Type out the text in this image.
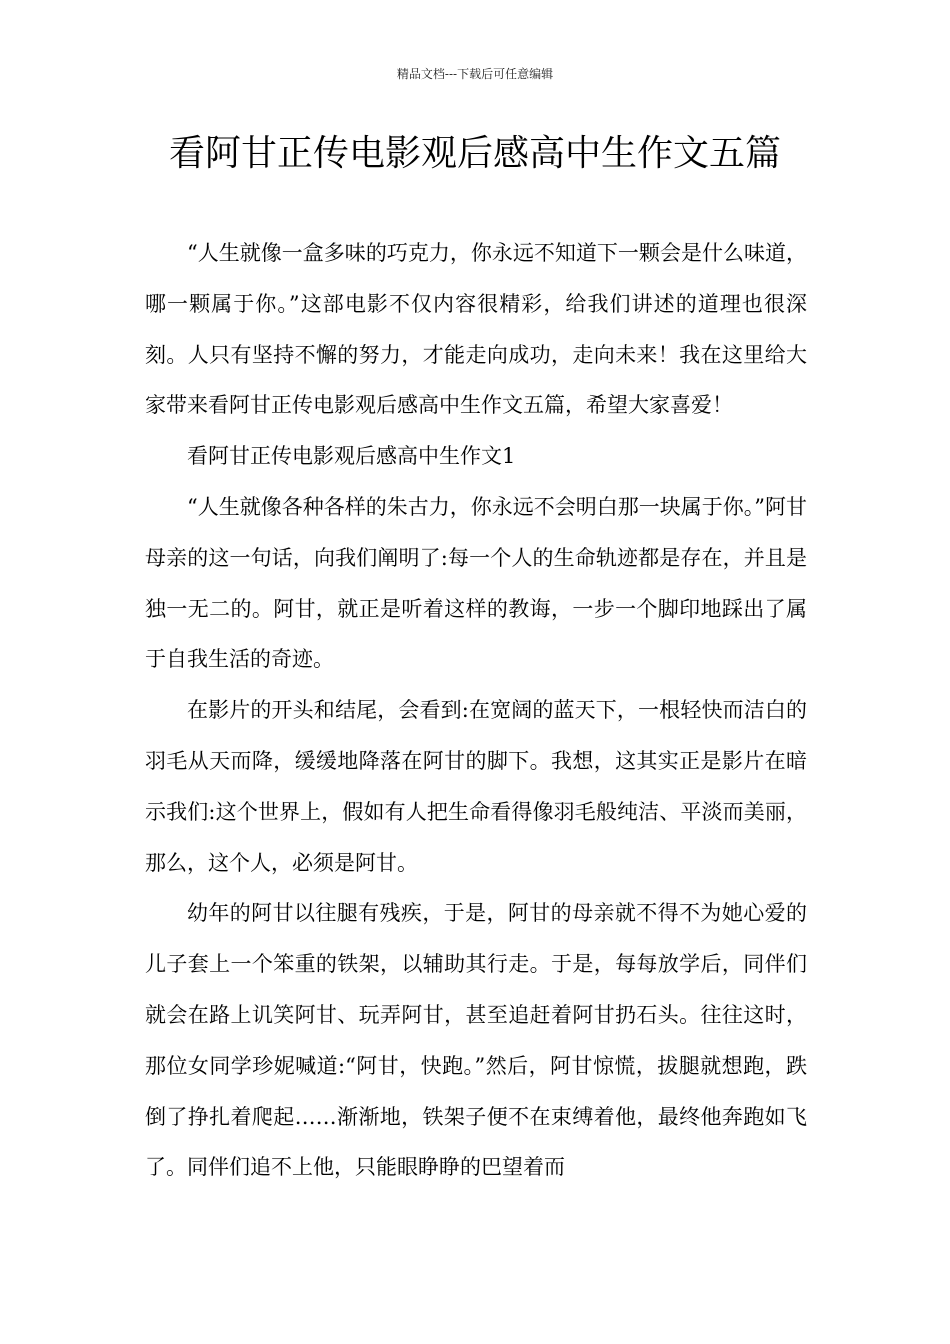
精品文档---下载后可任意编辑
看阿甘正传电影观后感高中生作文五篇

“人生就像一盒多味的巧克力，你永远不知道下一颗会是什么味道，哪一颗属于你。”这部电影不仅内容很精彩，给我们讲述的道理也很深刻。人只有坚持不懈的努力，才能走向成功，走向未来！我在这里给大家带来看阿甘正传电影观后感高中生作文五篇，希望大家喜爱！

看阿甘正传电影观后感高中生作文1

“人生就像各种各样的朱古力，你永远不会明白那一块属于你。”阿甘母亲的这一句话，向我们阐明了:每一个人的生命轨迹都是存在，并且是独一无二的。阿甘，就正是听着这样的教诲，一步一个脚印地踩出了属于自我生活的奇迹。

在影片的开头和结尾，会看到:在宽阔的蓝天下，一根轻快而洁白的羽毛从天而降，缓缓地降落在阿甘的脚下。我想，这其实正是影片在暗示我们:这个世界上，假如有人把生命看得像羽毛般纯洁、平淡而美丽，那么，这个人，必须是阿甘。

幼年的阿甘以往腿有残疾，于是，阿甘的母亲就不得不为她心爱的儿子套上一个笨重的铁架，以辅助其行走。于是，每每放学后，同伴们就会在路上讥笑阿甘、玩弄阿甘，甚至追赶着阿甘扔石头。往往这时，那位女同学珍妮喊道:“阿甘，快跑。”然后，阿甘惊慌，拔腿就想跑，跌倒了挣扎着爬起……渐渐地，铁架子便不在束缚着他，最终他奔跑如飞了。同伴们追不上他，只能眼睁睁的巴望着而
